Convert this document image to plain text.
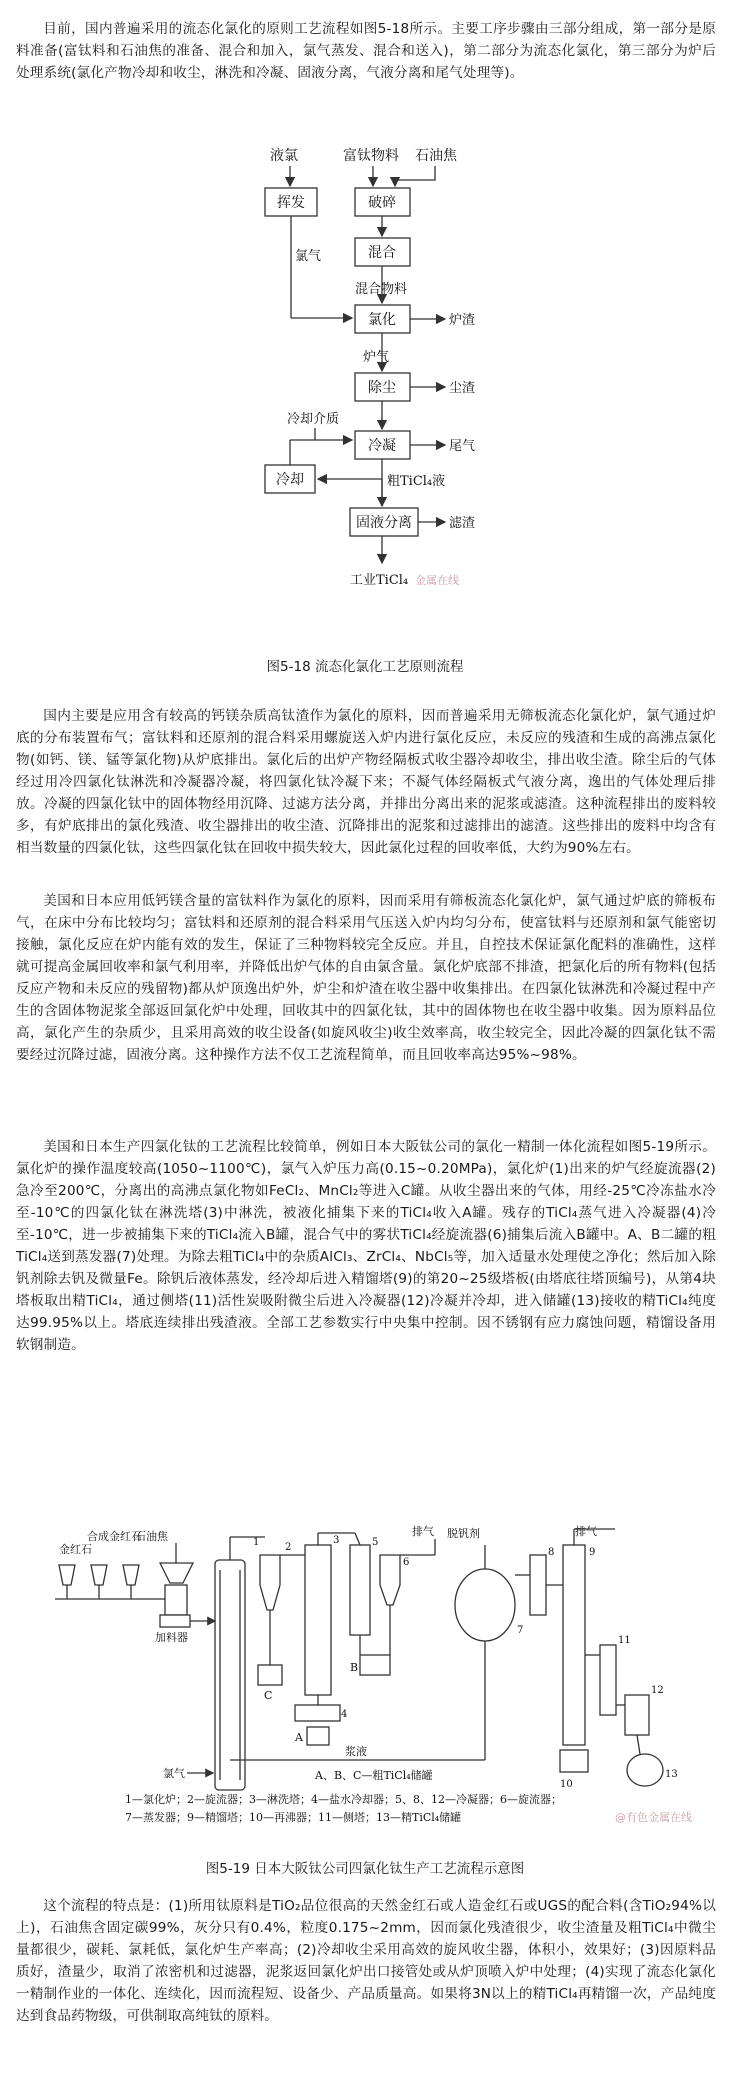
目前，国内普遍采用的流态化氯化的原则工艺流程如图5-18所示。主要工序步骤由三部分组成，第一部分是原料准备(富钛料和石油焦的准备、混合和加入，氯气蒸发、混合和送入)，第二部分为流态化氯化，第三部分为炉后处理系统(氯化产物冷却和收尘，淋洗和冷凝、固液分离，气液分离和尾气处理等)。

液氯	富钛物料 石油焦
挥发	破碎
混合
氯气
混合物料
氯化	炉渣
炉气
除尘	尘渣
冷却介质
冷凝	尾气
冷却	粗TiCl₄液
固液分离	滤渣
工业TiCl₄ 金属在线

图5-18 流态化氯化工艺原则流程

国内主要是应用含有较高的钙镁杂质高钛渣作为氯化的原料，因而普遍采用无筛板流态化氯化炉，氯气通过炉底的分布装置布气；富钛料和还原剂的混合料采用螺旋送入炉内进行氯化反应，未反应的残渣和生成的高沸点氯化物(如钙、镁、锰等氯化物)从炉底排出。氯化后的出炉产物经隔板式收尘器冷却收尘，排出收尘渣。除尘后的气体经过用冷四氯化钛淋洗和冷凝器冷凝，将四氯化钛冷凝下来；不凝气体经隔板式气液分离，逸出的气体处理后排放。冷凝的四氯化钛中的固体物经用沉降、过滤方法分离，并排出分离出来的泥浆或滤渣。这种流程排出的废料较多，有炉底排出的氯化残渣、收尘器排出的收尘渣、沉降排出的泥浆和过滤排出的滤渣。这些排出的废料中均含有相当数量的四氯化钛，这些四氯化钛在回收中损失较大，因此氯化过程的回收率低，大约为90%左右。

美国和日本应用低钙镁含量的富钛料作为氯化的原料，因而采用有筛板流态化氯化炉，氯气通过炉底的筛板布气，在床中分布比较均匀；富钛料和还原剂的混合料采用气压送入炉内均匀分布，使富钛料与还原剂和氯气能密切接触，氯化反应在炉内能有效的发生，保证了三种物料较完全反应。并且，自控技术保证氯化配料的准确性，这样就可提高金属回收率和氯气利用率，并降低出炉气体的自由氯含量。氯化炉底部不排渣，把氯化后的所有物料(包括反应产物和未反应的残留物)都从炉顶逸出炉外，炉尘和炉渣在收尘器中收集排出。在四氯化钛淋洗和冷凝过程中产生的含固体物泥浆全部返回氯化炉中处理，回收其中的四氯化钛，其中的固体物也在收尘器中收集。因为原料品位高，氯化产生的杂质少，且采用高效的收尘设备(如旋风收尘)收尘效率高，收尘较完全，因此冷凝的四氯化钛不需要经过沉降过滤，固液分离。这种操作方法不仅工艺流程简单，而且回收率高达95%~98%。

美国和日本生产四氯化钛的工艺流程比较简单，例如日本大阪钛公司的氯化一精制一体化流程如图5-19所示。氯化炉的操作温度较高(1050~1100℃)，氯气入炉压力高(0.15~0.20MPa)，氯化炉(1)出来的炉气经旋流器(2)急冷至200℃，分离出的高沸点氯化物如FeCl₂、MnCl₂等进入C罐。从收尘器出来的气体，用经-25℃冷冻盐水冷至-10℃的四氯化钛在淋洗塔(3)中淋洗，被液化捕集下来的TiCl₄收入A罐。残存的TiCl₄蒸气进入冷凝器(4)冷至-10℃，进一步被捕集下来的TiCl₄流入B罐，混合气中的雾状TiCl₄经旋流器(6)捕集后流入B罐中。A、B二罐的粗TiCl₄送到蒸发器(7)处理。为除去粗TiCl₄中的杂质AlCl₃、ZrCl₄、NbCl₅等，加入适量水处理使之净化；然后加入除钒剂除去钒及微量Fe。除钒后液体蒸发，经冷却后进入精馏塔(9)的第20~25级塔板(由塔底往塔顶编号)，从第4块塔板取出精TiCl₄，通过侧塔(11)活性炭吸附微尘后进入冷凝器(12)冷凝并冷却，进入储罐(13)接收的精TiCl₄纯度达99.95%以上。塔底连续排出残渣液。全部工艺参数实行中央集中控制。因不锈钢有应力腐蚀问题，精馏设备用软钢制造。

金红石
合成金红石
石油焦
加料器
氯气
C
A
B
排气 脱钒剂	排气
1	2
3
4
5
6
7
8	9
10
11
12
13
浆液
A、B、C—粗TiCl₄储罐
1—氯化炉；2—旋流器；3—淋洗塔；4—盐水冷却器；5、8、12—冷凝器；6—旋流器；
7—蒸发器；9—精馏塔；10—再沸器；11—侧塔；13—精TiCl₄储罐	@有色金属在线

图5-19 日本大阪钛公司四氯化钛生产工艺流程示意图

这个流程的特点是：(1)所用钛原料是TiO₂品位很高的天然金红石或人造金红石或UGS的配合料(含TiO₂94%以上)，石油焦含固定碳99%，灰分只有0.4%，粒度0.175~2mm，因而氯化残渣很少，收尘渣量及粗TiCl₄中微尘量都很少，碳耗、氯耗低，氯化炉生产率高；(2)冷却收尘采用高效的旋风收尘器，体积小，效果好；(3)因原料品质好，渣量少，取消了浓密机和过滤器，泥浆返回氯化炉出口接管处或从炉顶喷入炉中处理；(4)实现了流态化氯化一精制作业的一体化、连续化，因而流程短、设备少、产品质量高。如果将3N以上的精TiCl₄再精馏一次，产品纯度达到食品药物级，可供制取高纯钛的原料。
